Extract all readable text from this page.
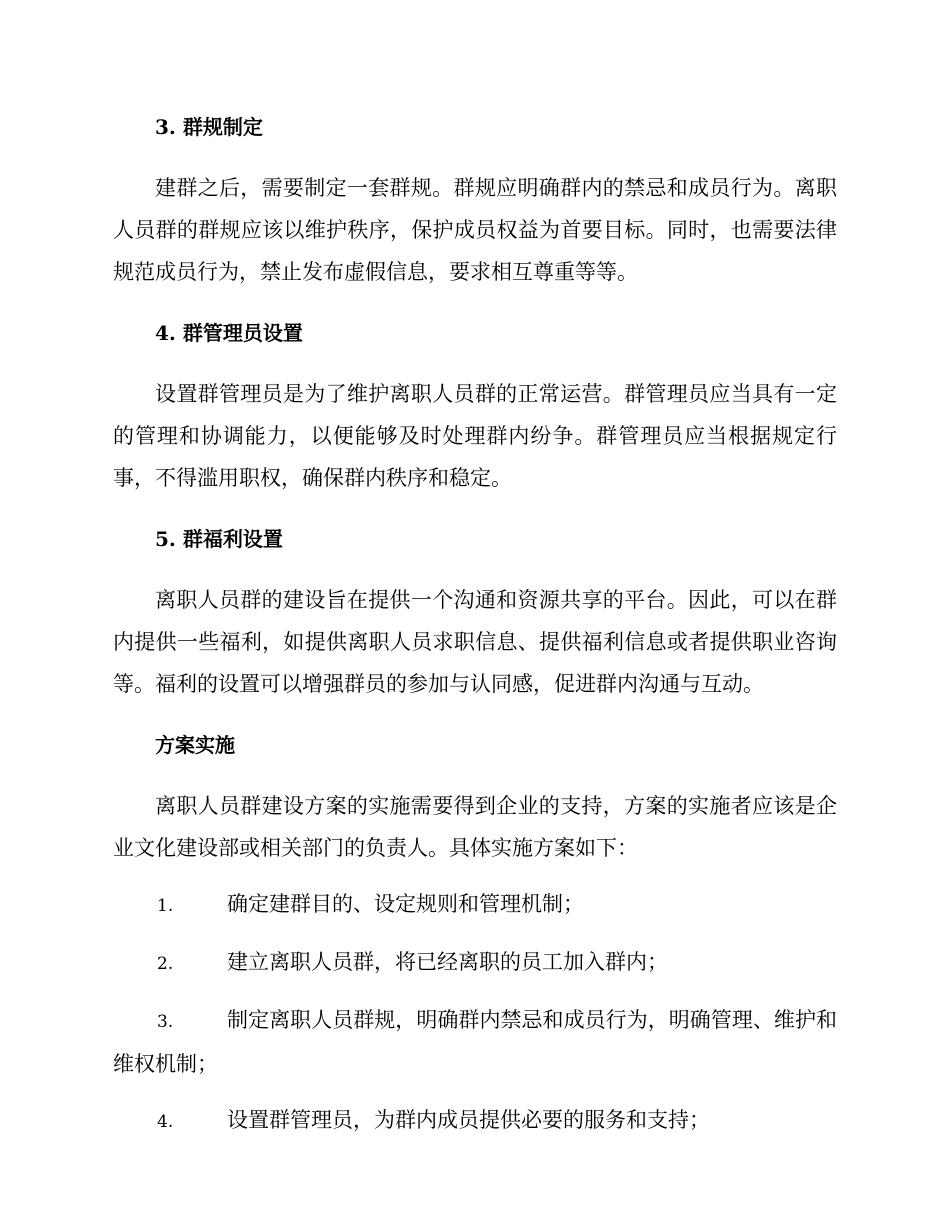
3. 群规制定

建群之后，需要制定一套群规。群规应明确群内的禁忌和成员行为。离职人员群的群规应该以维护秩序，保护成员权益为首要目标。同时，也需要法律规范成员行为，禁止发布虚假信息，要求相互尊重等等。

4. 群管理员设置

设置群管理员是为了维护离职人员群的正常运营。群管理员应当具有一定的管理和协调能力，以便能够及时处理群内纷争。群管理员应当根据规定行事，不得滥用职权，确保群内秩序和稳定。

5. 群福利设置

离职人员群的建设旨在提供一个沟通和资源共享的平台。因此，可以在群内提供一些福利，如提供离职人员求职信息、提供福利信息或者提供职业咨询等。福利的设置可以增强群员的参加与认同感，促进群内沟通与互动。

方案实施

离职人员群建设方案的实施需要得到企业的支持，方案的实施者应该是企业文化建设部或相关部门的负责人。具体实施方案如下：

1.	确定建群目的、设定规则和管理机制；

2.	建立离职人员群，将已经离职的员工加入群内；

3.	制定离职人员群规，明确群内禁忌和成员行为，明确管理、维护和维权机制；

4.	设置群管理员，为群内成员提供必要的服务和支持；
